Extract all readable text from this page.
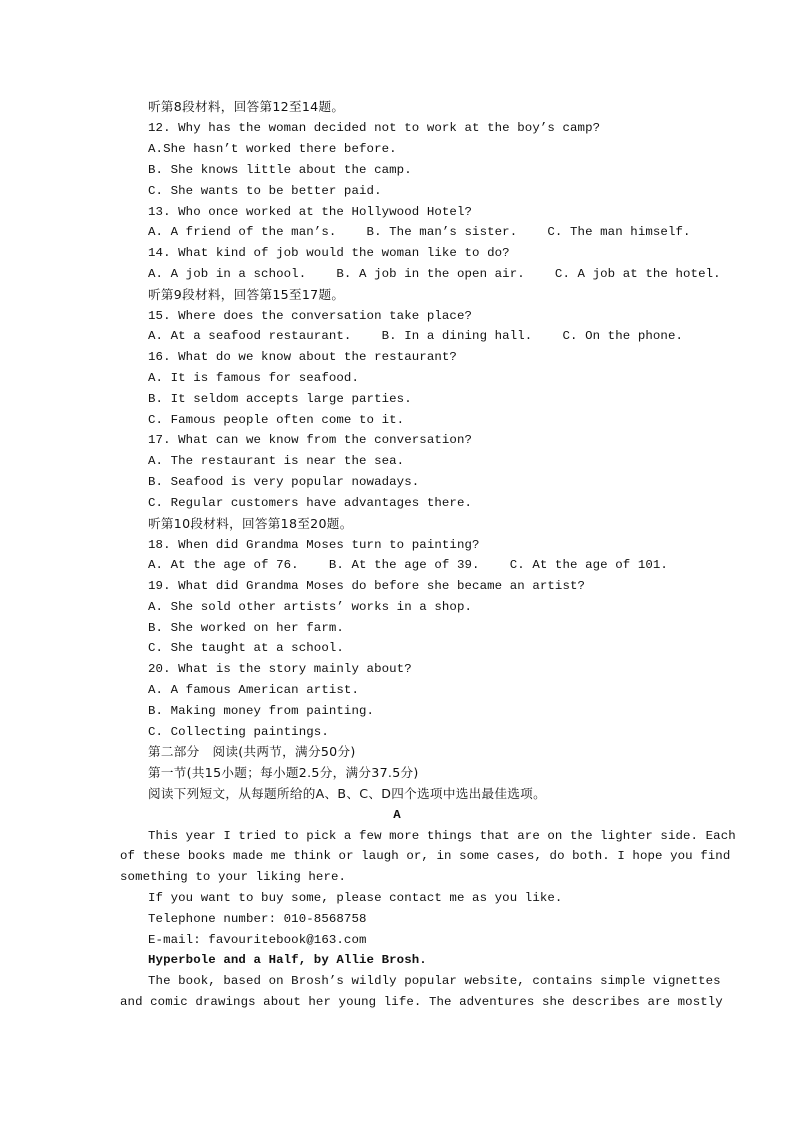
听第8段材料，回答第12至14题。
12. Why has the woman decided not to work at the boy’s camp?
A.She hasn’t worked there before.
B. She knows little about the camp.
C. She wants to be better paid.
13. Who once worked at the Hollywood Hotel?
A. A friend of the man’s.    B. The man’s sister.    C. The man himself.
14. What kind of job would the woman like to do?
A. A job in a school.    B. A job in the open air.    C. A job at the hotel.
听第9段材料，回答第15至17题。
15. Where does the conversation take place?
A. At a seafood restaurant.    B. In a dining hall.    C. On the phone.
16. What do we know about the restaurant?
A. It is famous for seafood.
B. It seldom accepts large parties.
C. Famous people often come to it.
17. What can we know from the conversation?
A. The restaurant is near the sea.
B. Seafood is very popular nowadays.
C. Regular customers have advantages there.
听第10段材料，回答第18至20题。
18. When did Grandma Moses turn to painting?
A. At the age of 76.    B. At the age of 39.    C. At the age of 101.
19. What did Grandma Moses do before she became an artist?
A. She sold other artists’ works in a shop.
B. She worked on her farm.
C. She taught at a school.
20. What is the story mainly about?
A. A famous American artist.
B. Making money from painting.
C. Collecting paintings.
第二部分   阅读(共两节，满分50分)
第一节(共15小题；每小题2.5分，满分37.5分)
阅读下列短文，从每题所给的A、B、C、D四个选项中选出最佳选项。
A
This year I tried to pick a few more things that are on the lighter side. Each
of these books made me think or laugh or, in some cases, do both. I hope you find
something to your liking here.
If you want to buy some, please contact me as you like.
Telephone number: 010-8568758
E-mail: favouritebook@163.com
Hyperbole and a Half, by Allie Brosh.
The book, based on Brosh’s wildly popular website, contains simple vignettes
and comic drawings about her young life. The adventures she describes are mostly
